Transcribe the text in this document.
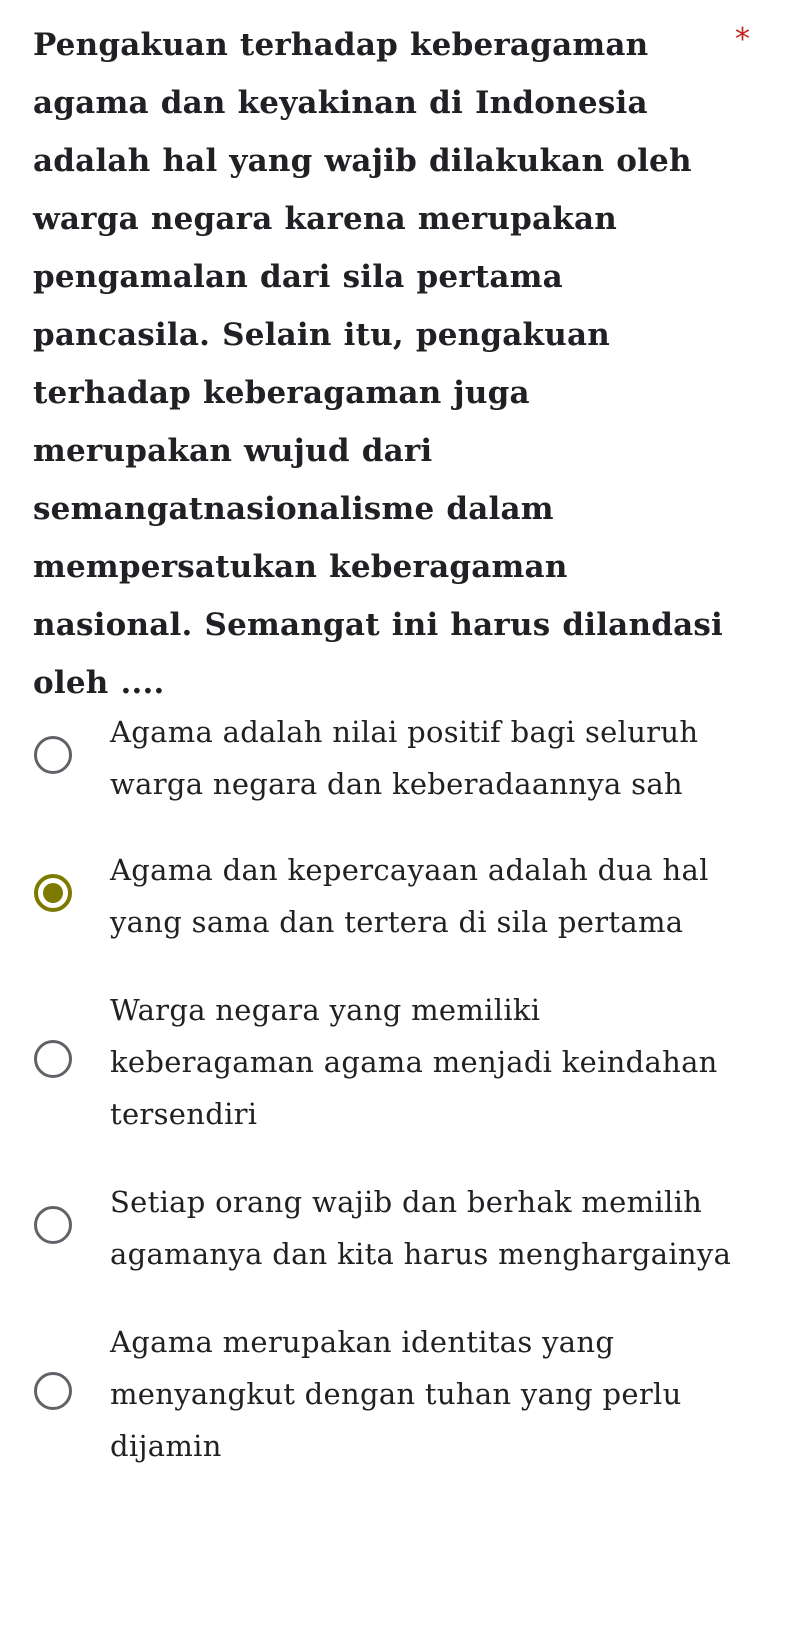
Pengakuan terhadap keberagaman agama dan keyakinan di Indonesia adalah hal yang wajib dilakukan oleh warga negara karena merupakan pengamalan dari sila pertama pancasila. Selain itu, pengakuan terhadap keberagaman juga merupakan wujud dari semangatnasionalisme dalam mempersatukan keberagaman nasional. Semangat ini harus dilandasi oleh ....
*
Agama adalah nilai positif bagi seluruh warga negara dan keberadaannya sah
Agama dan kepercayaan adalah dua hal yang sama dan tertera di sila pertama
Warga negara yang memiliki keberagaman agama menjadi keindahan tersendiri
Setiap orang wajib dan berhak memilih agamanya dan kita harus menghargainya
Agama merupakan identitas yang menyangkut dengan tuhan yang perlu dijamin
